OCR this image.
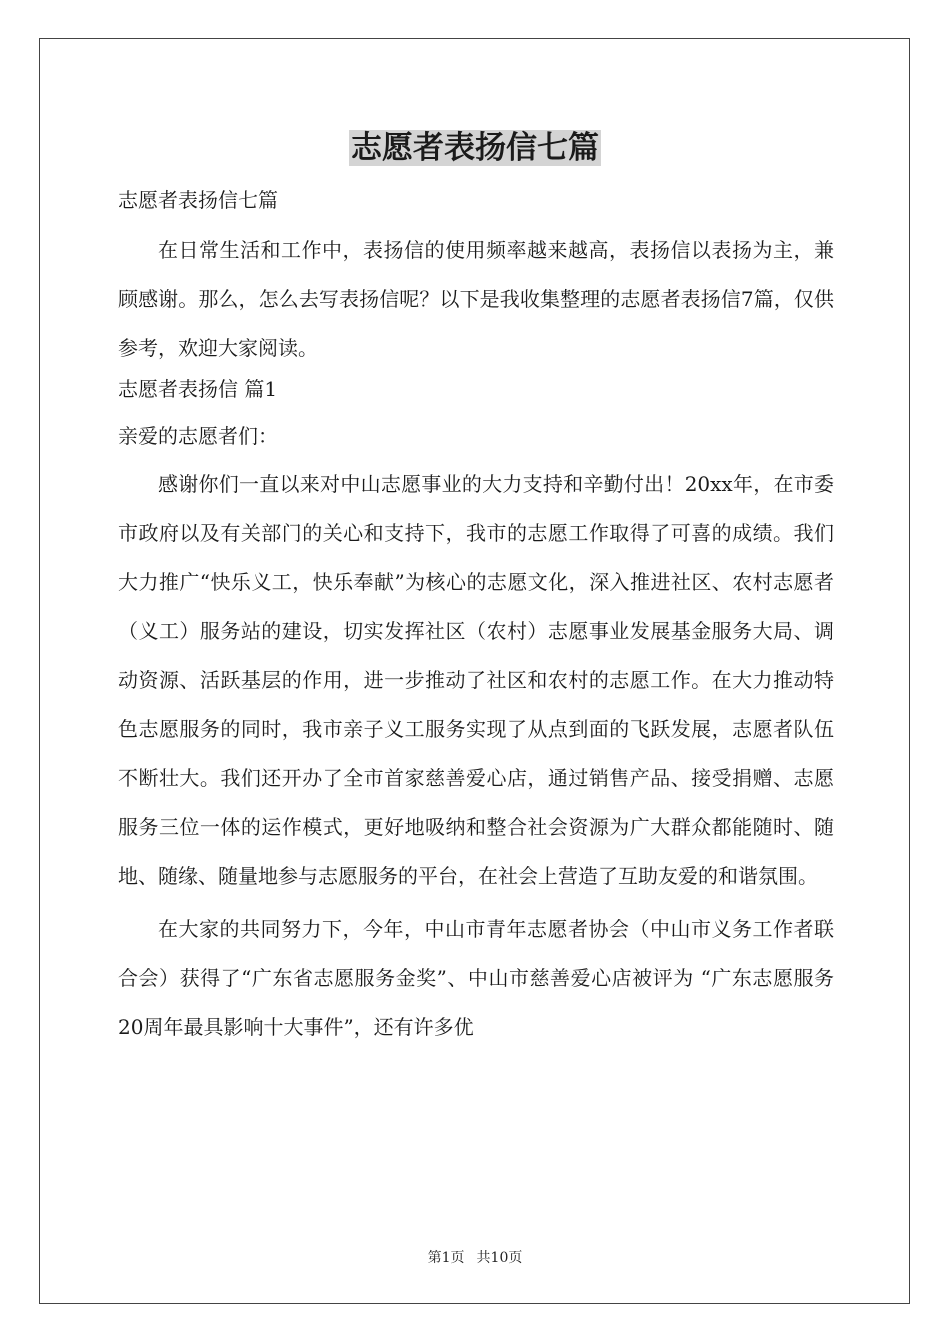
志愿者表扬信七篇

志愿者表扬信七篇

在日常生活和工作中，表扬信的使用频率越来越高，表扬信以表扬为主，兼顾感谢。那么，怎么去写表扬信呢？以下是我收集整理的志愿者表扬信7篇，仅供参考，欢迎大家阅读。

志愿者表扬信 篇1

亲爱的志愿者们：

感谢你们一直以来对中山志愿事业的大力支持和辛勤付出！20xx年，在市委市政府以及有关部门的关心和支持下，我市的志愿工作取得了可喜的成绩。我们大力推广“快乐义工，快乐奉献”为核心的志愿文化，深入推进社区、农村志愿者（义工）服务站的建设，切实发挥社区（农村）志愿事业发展基金服务大局、调动资源、活跃基层的作用，进一步推动了社区和农村的志愿工作。在大力推动特色志愿服务的同时，我市亲子义工服务实现了从点到面的飞跃发展，志愿者队伍不断壮大。我们还开办了全市首家慈善爱心店，通过销售产品、接受捐赠、志愿服务三位一体的运作模式，更好地吸纳和整合社会资源为广大群众都能随时、随地、随缘、随量地参与志愿服务的平台，在社会上营造了互助友爱的和谐氛围。

在大家的共同努力下，今年，中山市青年志愿者协会（中山市义务工作者联合会）获得了“广东省志愿服务金奖”、中山市慈善爱心店被评为 “广东志愿服务20周年最具影响十大事件”，还有许多优

第1页 共10页
